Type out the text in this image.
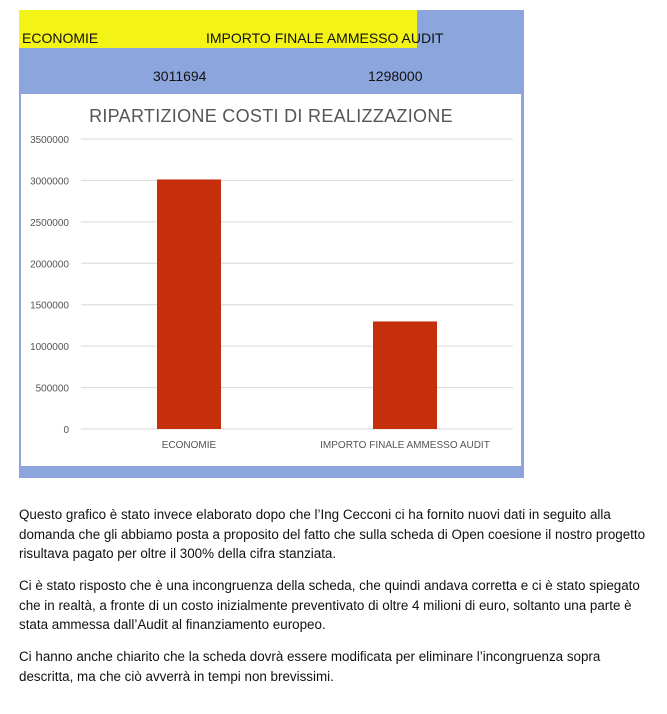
ECONOMIE	IMPORTO FINALE AMMESSO AUDIT
3011694	1298000
RIPARTIZIONE COSTI DI REALIZZAZIONE
0
500000
1000000
1500000
2000000
2500000
3000000
3500000
ECONOMIE	IMPORTO FINALE AMMESSO AUDIT

Questo grafico è stato invece elaborato dopo che l’Ing Cecconi ci ha fornito nuovi dati in seguito alla domanda che gli abbiamo posta a proposito del fatto che sulla scheda di Open coesione il nostro progetto risultava pagato per oltre il 300% della cifra stanziata.

Ci è stato risposto che è una incongruenza della scheda, che quindi andava corretta e ci è stato spiegato che in realtà, a fronte di un costo inizialmente preventivato di oltre 4 milioni di euro, soltanto una parte è stata ammessa dall’Audit al finanziamento europeo.

Ci hanno anche chiarito che la scheda dovrà essere modificata per eliminare l’incongruenza sopra descritta, ma che ciò avverrà in tempi non brevissimi.
